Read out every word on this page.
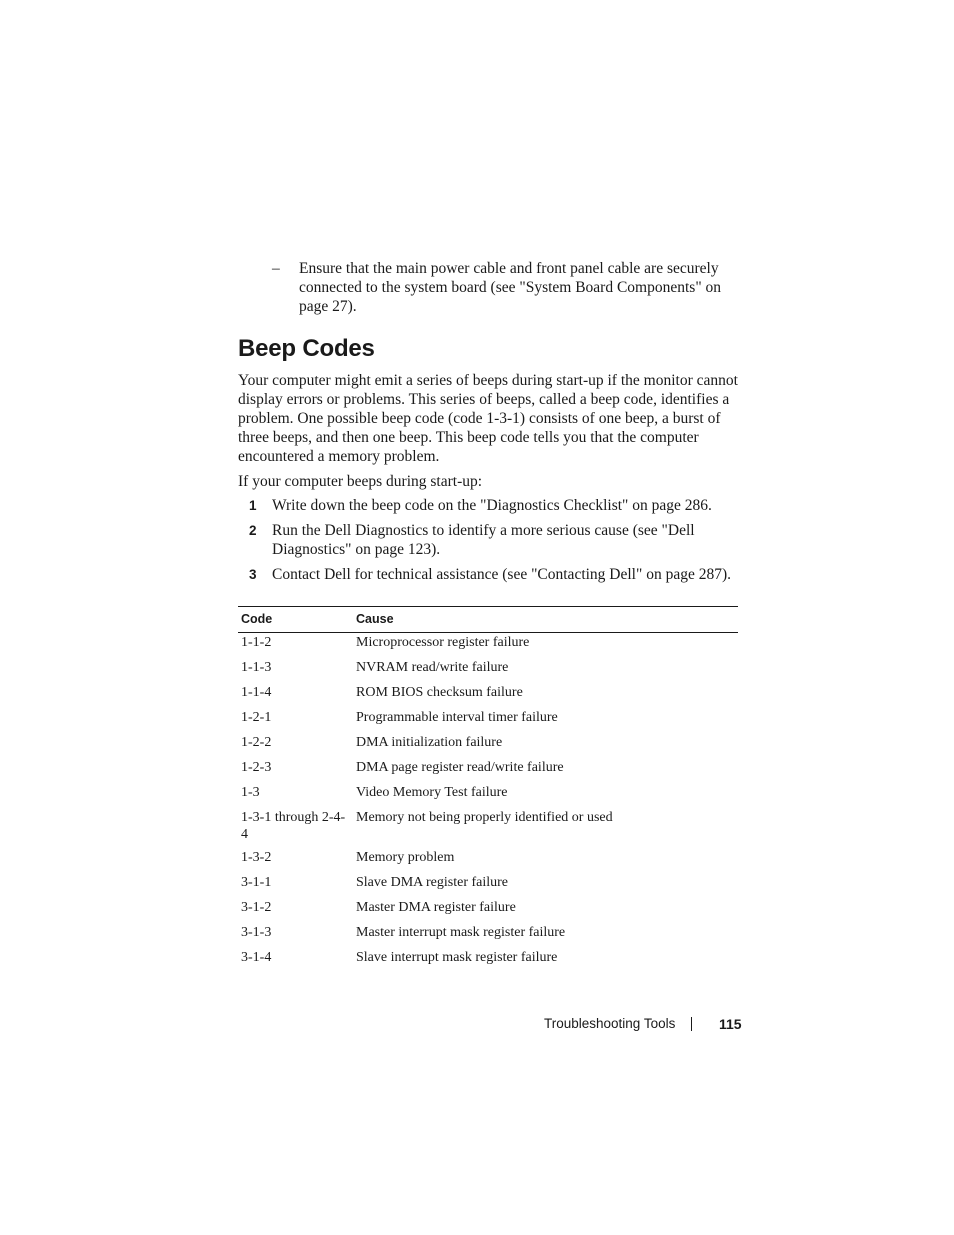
– Ensure that the main power cable and front panel cable are securely connected to the system board (see "System Board Components" on page 27).
Beep Codes

Your computer might emit a series of beeps during start-up if the monitor cannot display errors or problems. This series of beeps, called a beep code, identifies a problem. One possible beep code (code 1-3-1) consists of one beep, a burst of three beeps, and then one beep. This beep code tells you that the computer encountered a memory problem.

If your computer beeps during start-up:

1 Write down the beep code on the "Diagnostics Checklist" on page 286.
2 Run the Dell Diagnostics to identify a more serious cause (see "Dell Diagnostics" on page 123).
3 Contact Dell for technical assistance (see "Contacting Dell" on page 287).
Code	Cause
1-1-2	Microprocessor register failure
1-1-3	NVRAM read/write failure
1-1-4	ROM BIOS checksum failure
1-2-1	Programmable interval timer failure
1-2-2	DMA initialization failure
1-2-3	DMA page register read/write failure
1-3	Video Memory Test failure
1-3-1 through 2-4-4	Memory not being properly identified or used
1-3-2	Memory problem
3-1-1	Slave DMA register failure
3-1-2	Master DMA register failure
3-1-3	Master interrupt mask register failure
3-1-4	Slave interrupt mask register failure
Troubleshooting Tools	115
